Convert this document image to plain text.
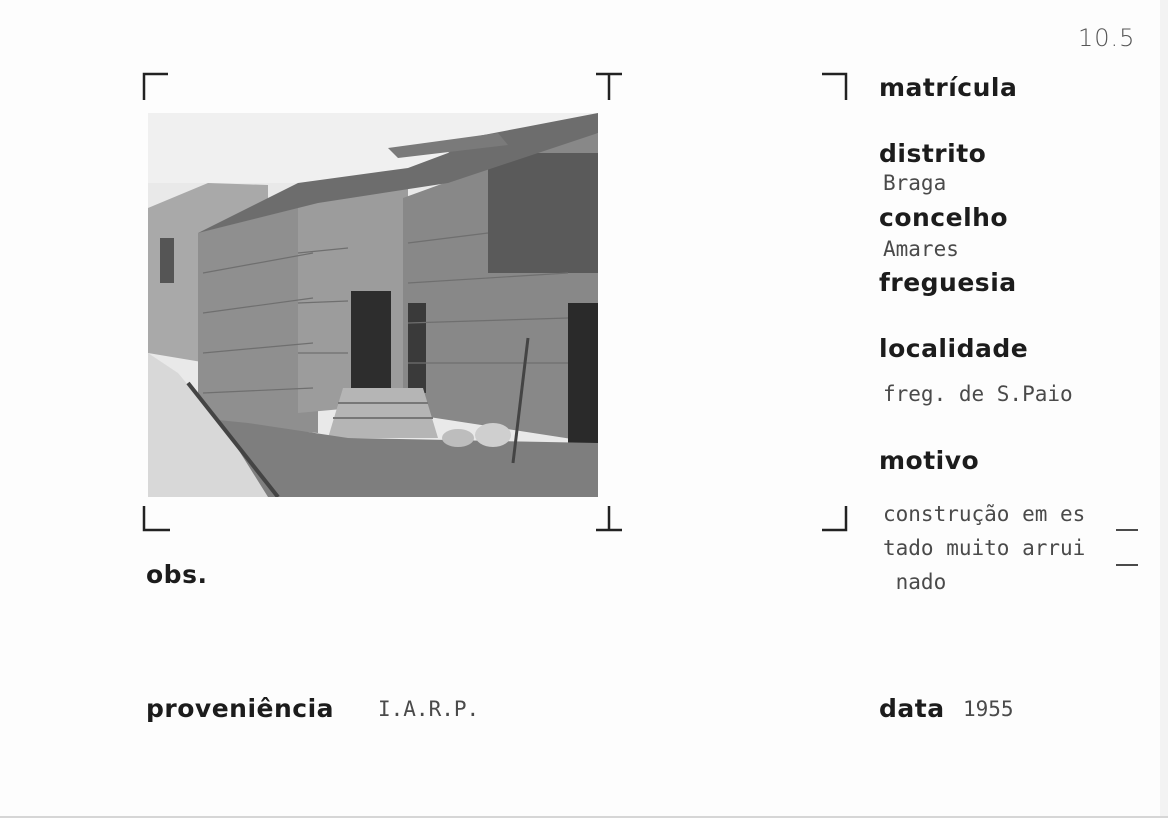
10.5
matrícula
distrito
Braga
concelho
Amares
freguesia
localidade
freg. de S.Paio
motivo
construção em es
tado muito arrui
nado
obs.
proveniência I.A.R.P.	data 1955
